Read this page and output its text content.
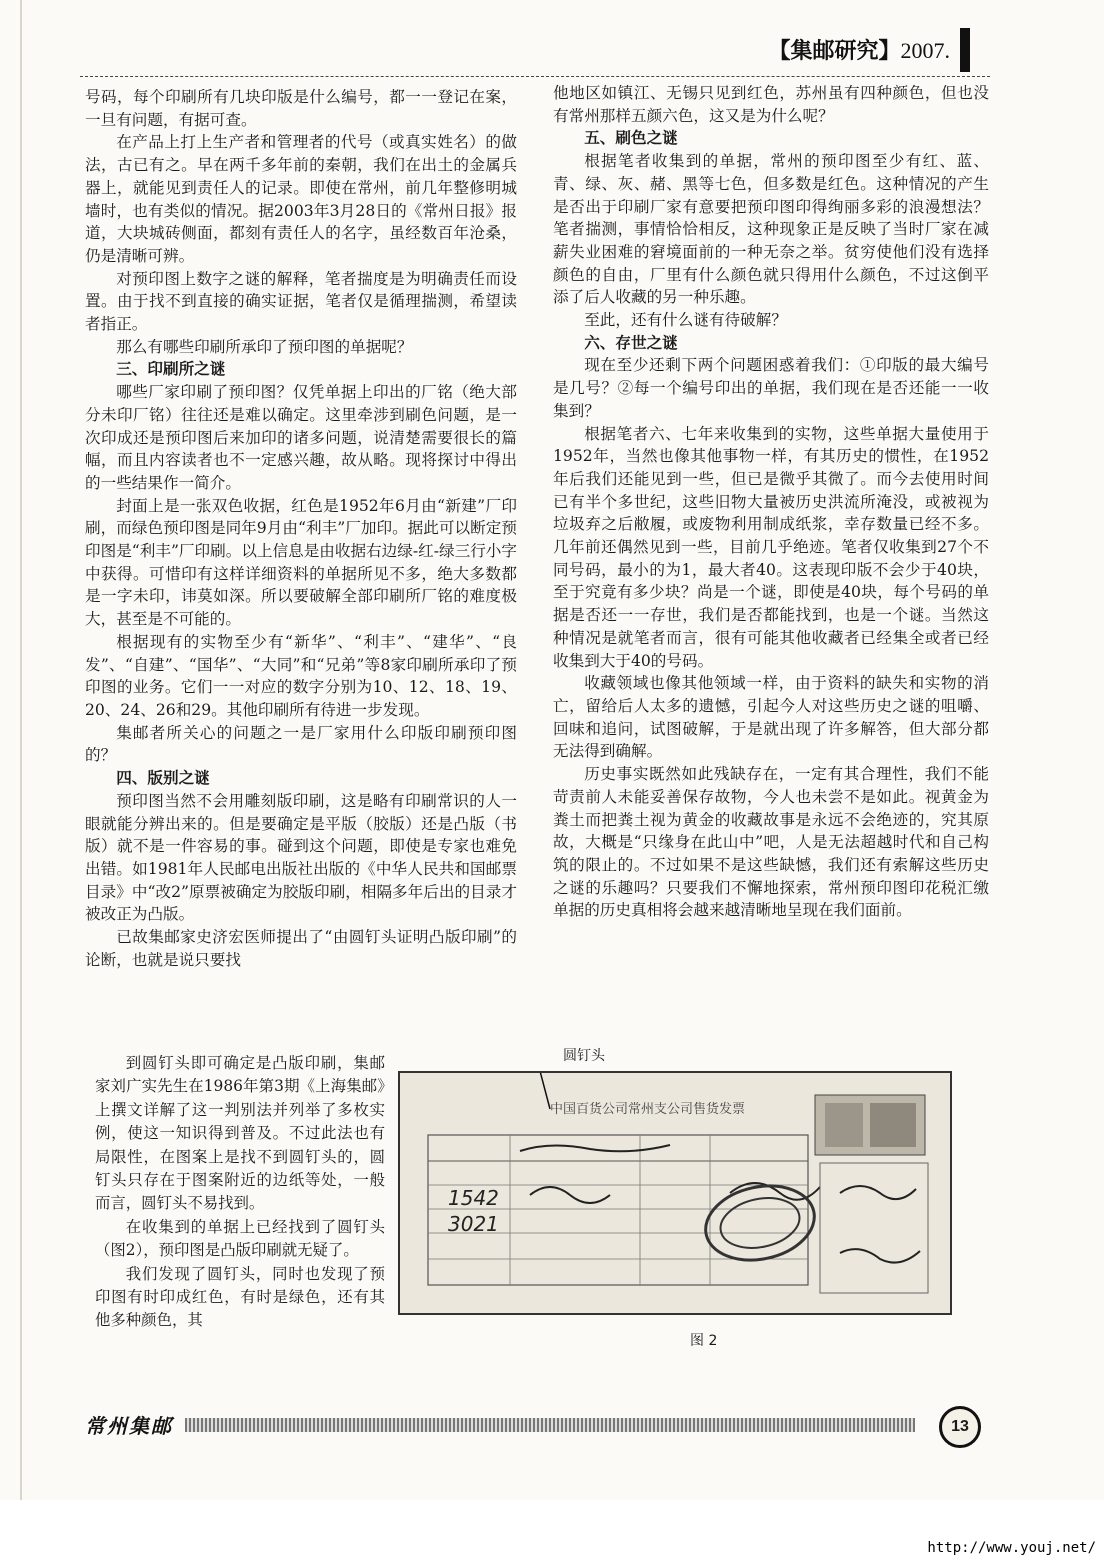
【集邮研究】2007.

号码，每个印刷所有几块印版是什么编号，都一一登记在案，一旦有问题，有据可查。

在产品上打上生产者和管理者的代号（或真实姓名）的做法，古已有之。早在两千多年前的秦朝，我们在出土的金属兵器上，就能见到责任人的记录。即使在常州，前几年整修明城墙时，也有类似的情况。据2003年3月28日的《常州日报》报道，大块城砖侧面，都刻有责任人的名字，虽经数百年沧桑，仍是清晰可辨。

对预印图上数字之谜的解释，笔者揣度是为明确责任而设置。由于找不到直接的确实证据，笔者仅是循理揣测，希望读者指正。

那么有哪些印刷所承印了预印图的单据呢？

三、印刷所之谜

哪些厂家印刷了预印图？仅凭单据上印出的厂铭（绝大部分未印厂铭）往往还是难以确定。这里牵涉到刷色问题，是一次印成还是预印图后来加印的诸多问题，说清楚需要很长的篇幅，而且内容读者也不一定感兴趣，故从略。现将探讨中得出的一些结果作一简介。

封面上是一张双色收据，红色是1952年6月由“新建”厂印刷，而绿色预印图是同年9月由“利丰”厂加印。据此可以断定预印图是“利丰”厂印刷。以上信息是由收据右边绿-红-绿三行小字中获得。可惜印有这样详细资料的单据所见不多，绝大多数都是一字未印，讳莫如深。所以要破解全部印刷所厂铭的难度极大，甚至是不可能的。

根据现有的实物至少有“新华”、“利丰”、“建华”、“良发”、“自建”、“国华”、“大同”和“兄弟”等8家印刷所承印了预印图的业务。它们一一对应的数字分别为10、12、18、19、20、24、26和29。其他印刷所有待进一步发现。

集邮者所关心的问题之一是厂家用什么印版印刷预印图的？

四、版别之谜

预印图当然不会用雕刻版印刷，这是略有印刷常识的人一眼就能分辨出来的。但是要确定是平版（胶版）还是凸版（书版）就不是一件容易的事。碰到这个问题，即使是专家也难免出错。如1981年人民邮电出版社出版的《中华人民共和国邮票目录》中“改2”原票被确定为胶版印刷，相隔多年后出的目录才被改正为凸版。

已故集邮家史济宏医师提出了“由圆钉头证明凸版印刷”的论断，也就是说只要找

到圆钉头即可确定是凸版印刷，集邮家刘广实先生在1986年第3期《上海集邮》上撰文详解了这一判别法并列举了多枚实例，使这一知识得到普及。不过此法也有局限性，在图案上是找不到圆钉头的，圆钉头只存在于图案附近的边纸等处，一般而言，圆钉头不易找到。

在收集到的单据上已经找到了圆钉头（图2），预印图是凸版印刷就无疑了。

我们发现了圆钉头，同时也发现了预印图有时印成红色，有时是绿色，还有其他多种颜色，其

他地区如镇江、无锡只见到红色，苏州虽有四种颜色，但也没有常州那样五颜六色，这又是为什么呢？

五、刷色之谜

根据笔者收集到的单据，常州的预印图至少有红、蓝、青、绿、灰、赭、黑等七色，但多数是红色。这种情况的产生是否出于印刷厂家有意要把预印图印得绚丽多彩的浪漫想法？笔者揣测，事情恰恰相反，这种现象正是反映了当时厂家在减薪失业困难的窘境面前的一种无奈之举。贫穷使他们没有选择颜色的自由，厂里有什么颜色就只得用什么颜色，不过这倒平添了后人收藏的另一种乐趣。

至此，还有什么谜有待破解？

六、存世之谜

现在至少还剩下两个问题困惑着我们：①印版的最大编号是几号？②每一个编号印出的单据，我们现在是否还能一一收集到？

根据笔者六、七年来收集到的实物，这些单据大量使用于1952年，当然也像其他事物一样，有其历史的惯性，在1952年后我们还能见到一些，但已是微乎其微了。而今去使用时间已有半个多世纪，这些旧物大量被历史洪流所淹没，或被视为垃圾弃之后敝履，或废物利用制成纸浆，幸存数量已经不多。几年前还偶然见到一些，目前几乎绝迹。笔者仅收集到27个不同号码，最小的为1，最大者40。这表现印版不会少于40块，至于究竟有多少块？尚是一个谜，即使是40块，每个号码的单据是否还一一存世，我们是否都能找到，也是一个谜。当然这种情况是就笔者而言，很有可能其他收藏者已经集全或者已经收集到大于40的号码。

收藏领域也像其他领域一样，由于资料的缺失和实物的消亡，留给后人太多的遗憾，引起今人对这些历史之谜的咀嚼、回味和追问，试图破解，于是就出现了许多解答，但大部分都无法得到确解。

历史事实既然如此残缺存在，一定有其合理性，我们不能苛责前人未能妥善保存故物，今人也未尝不是如此。视黄金为粪土而把粪土视为黄金的收藏故事是永远不会绝迹的，究其原故，大概是“只缘身在此山中”吧，人是无法超越时代和自己构筑的限止的。不过如果不是这些缺憾，我们还有索解这些历史之谜的乐趣吗？只要我们不懈地探索，常州预印图印花税汇缴单据的历史真相将会越来越清晰地呈现在我们面前。

圆钉头
中国百货公司常州支公司售货发票
1542
3021
图 2
常州集邮	13
http://www.youj.net/
